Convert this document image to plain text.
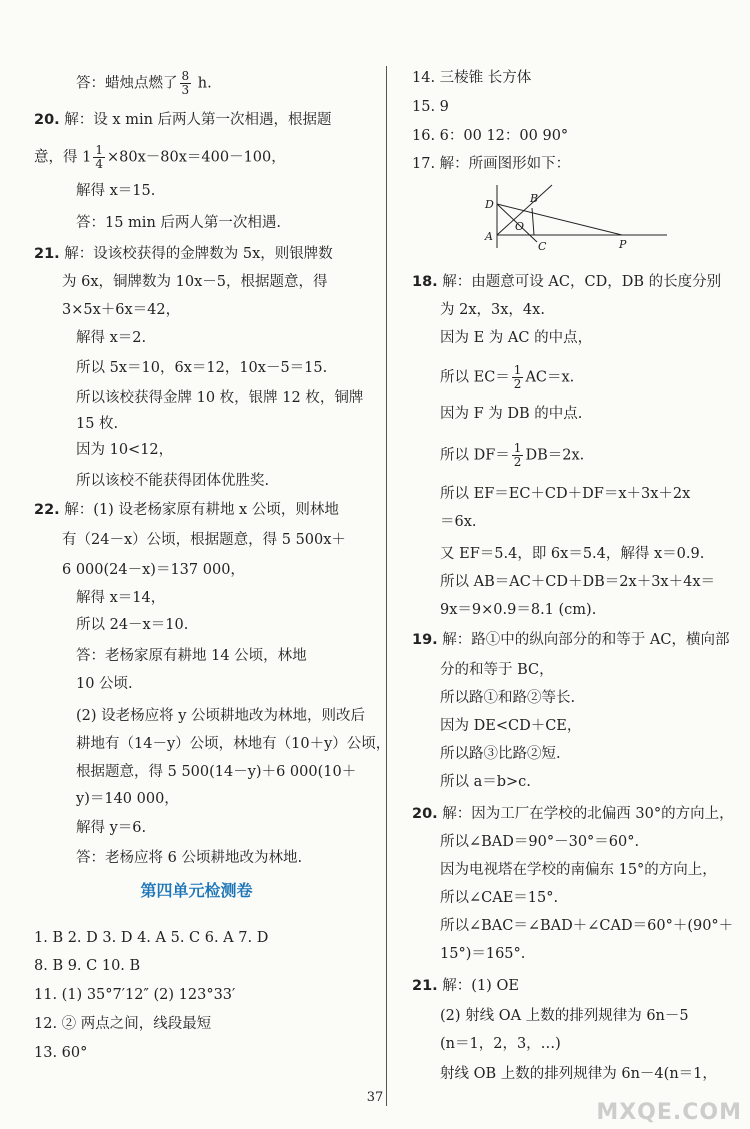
答：蜡烛点燃了 $\frac{8}{3} h$.
20. 解：设 x min 后两人第一次相遇，根据题
意，得 $1 \frac{1}{4} \times 80x-80x=400-100$，
解得 x＝15.
答：15 min 后两人第一次相遇.
21. 解：设该校获得的金牌数为 5x，则银牌数
为 6x，铜牌数为 10x－5，根据题意，得
3×5x＋6x＝42，
解得 x＝2.
所以 5x＝10，6x＝12，10x－5＝15.
所以该校获得金牌 10 枚，银牌 12 枚，铜牌
15 枚.
因为 10<12，
所以该校不能获得团体优胜奖.
22. 解：(1) 设老杨家原有耕地 x 公顷，则林地
有（24－x）公顷，根据题意，得 5 500x＋
6 000(24－x)＝137 000，
解得 x＝14，
所以 24－x＝10.
答：老杨家原有耕地 14 公顷，林地
10 公顷.
(2) 设老杨应将 y 公顷耕地改为林地，则改后
耕地有（14－y）公顷，林地有（10＋y）公顷，
根据题意，得 5 500(14－y)＋6 000(10＋
y)＝140 000，
解得 y＝6.
答：老杨应将 6 公顷耕地改为林地.
第四单元检测卷
1. B 2. D 3. D 4. A 5. C 6. A 7. D
8. B 9. C 10. B
11. (1) 35°7′12″ (2) 123°33′
12. ② 两点之间，线段最短
13. 60°
14. 三棱锥 长方体
15. 9
16. 6：00 12：00 90°
17. 解：所画图形如下：
D	B
O
A
C	P
18. 解：由题意可设 AC，CD，DB 的长度分别
为 2x，3x，4x.
因为 E 为 AC 的中点，
所以 $EC= \frac{1}{2} AC=x$.
因为 F 为 DB 的中点.
所以 $DF= \frac{1}{2} DB=2x$.
所以 EF＝EC＋CD＋DF＝x＋3x＋2x
＝6x.
又 EF＝5.4，即 6x＝5.4，解得 x＝0.9.
所以 AB＝AC＋CD＋DB＝2x＋3x＋4x＝
9x＝9×0.9＝8.1 (cm).
19. 解：路①中的纵向部分的和等于 AC，横向部
分的和等于 BC，
所以路①和路②等长.
因为 DE<CD＋CE，
所以路③比路②短.
所以 a＝b>c.
20. 解：因为工厂在学校的北偏西 30°的方向上，
所以∠BAD＝90°－30°＝60°.
因为电视塔在学校的南偏东 15°的方向上，
所以∠CAE＝15°.
所以∠BAC＝∠BAD＋∠CAD＝60°＋(90°＋
15°)＝165°.
21. 解：(1) OE
(2) 射线 OA 上数的排列规律为 6n－5
(n＝1，2，3，…)
射线 OB 上数的排列规律为 6n－4(n＝1，
37
MXQE.COM
